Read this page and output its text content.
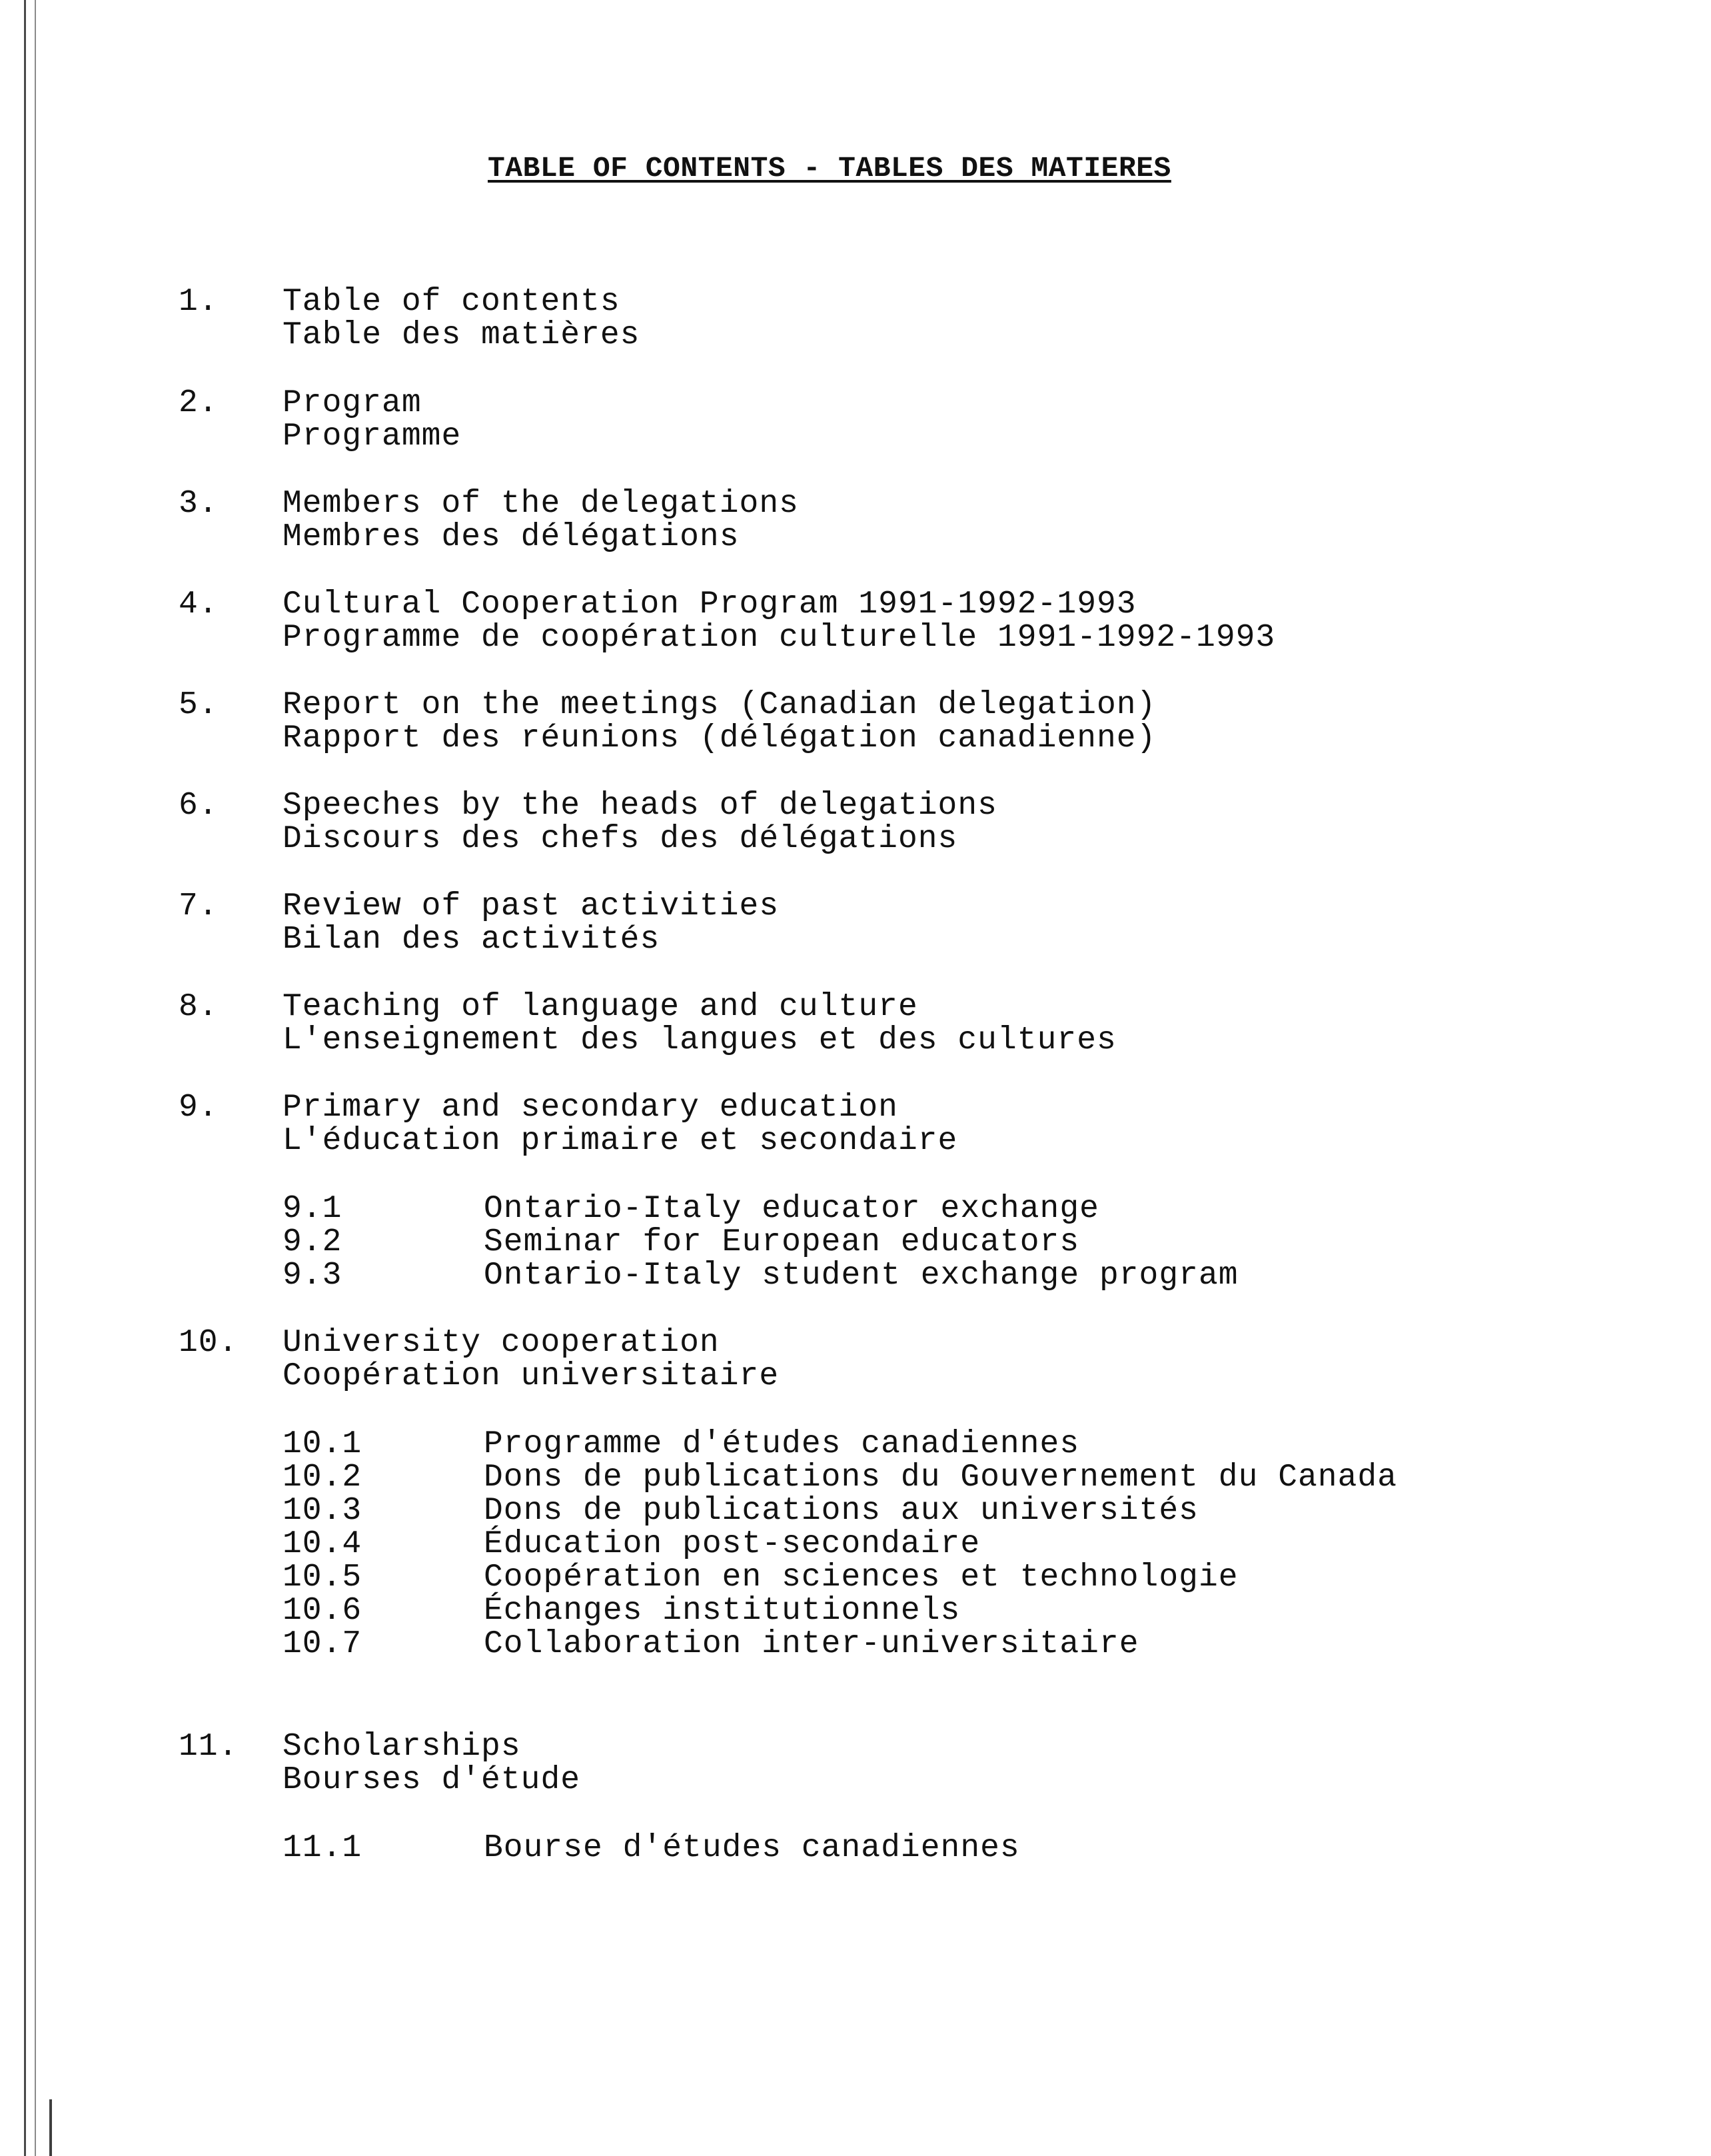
TABLE OF CONTENTS - TABLES DES MATIERES
1. Table of contents
Table des matières
2. Program
Programme
3. Members of the delegations
Membres des délégations
4. Cultural Cooperation Program 1991-1992-1993
Programme de coopération culturelle 1991-1992-1993
5. Report on the meetings (Canadian delegation)
Rapport des réunions (délégation canadienne)
6. Speeches by the heads of delegations
Discours des chefs des délégations
7. Review of past activities
Bilan des activités
8. Teaching of language and culture
L'enseignement des langues et des cultures
9. Primary and secondary education
L'éducation primaire et secondaire
9.1	Ontario-Italy educator exchange
9.2	Seminar for European educators
9.3	Ontario-Italy student exchange program
10. University cooperation
Coopération universitaire
10.1	Programme d'études canadiennes
10.2	Dons de publications du Gouvernement du Canada
10.3	Dons de publications aux universités
10.4	Éducation post-secondaire
10.5	Coopération en sciences et technologie
10.6	Échanges institutionnels
10.7	Collaboration inter-universitaire
11. Scholarships
Bourses d'étude
11.1	Bourse d'études canadiennes
